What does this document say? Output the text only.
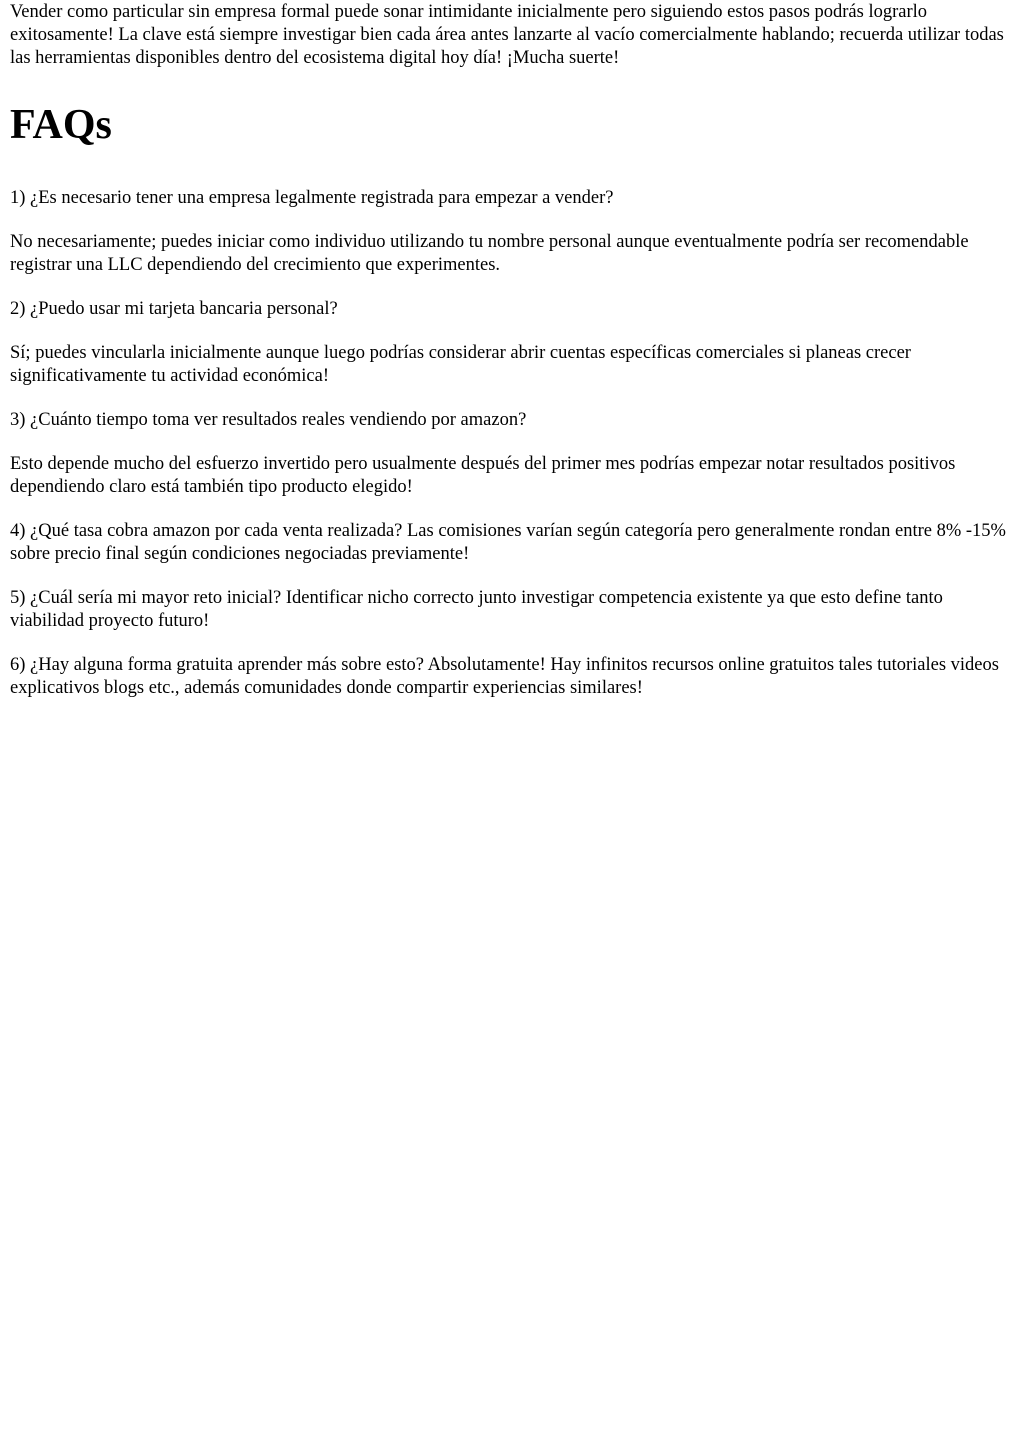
Vender como particular sin empresa formal puede sonar intimidante inicialmente pero siguiendo estos pasos podrás lograrlo exitosamente! La clave está siempre investigar bien cada área antes lanzarte al vacío comercialmente hablando; recuerda utilizar todas las herramientas disponibles dentro del ecosistema digital hoy día! ¡Mucha suerte!

FAQs

1) ¿Es necesario tener una empresa legalmente registrada para empezar a vender?

No necesariamente; puedes iniciar como individuo utilizando tu nombre personal aunque eventualmente podría ser recomendable registrar una LLC dependiendo del crecimiento que experimentes.

2) ¿Puedo usar mi tarjeta bancaria personal?

Sí; puedes vincularla inicialmente aunque luego podrías considerar abrir cuentas específicas comerciales si planeas crecer significativamente tu actividad económica!

3) ¿Cuánto tiempo toma ver resultados reales vendiendo por amazon?

Esto depende mucho del esfuerzo invertido pero usualmente después del primer mes podrías empezar notar resultados positivos dependiendo claro está también tipo producto elegido!

4) ¿Qué tasa cobra amazon por cada venta realizada? Las comisiones varían según categoría pero generalmente rondan entre 8% -15% sobre precio final según condiciones negociadas previamente!

5) ¿Cuál sería mi mayor reto inicial? Identificar nicho correcto junto investigar competencia existente ya que esto define tanto viabilidad proyecto futuro!

6) ¿Hay alguna forma gratuita aprender más sobre esto? Absolutamente! Hay infinitos recursos online gratuitos tales tutoriales videos explicativos blogs etc., además comunidades donde compartir experiencias similares!
